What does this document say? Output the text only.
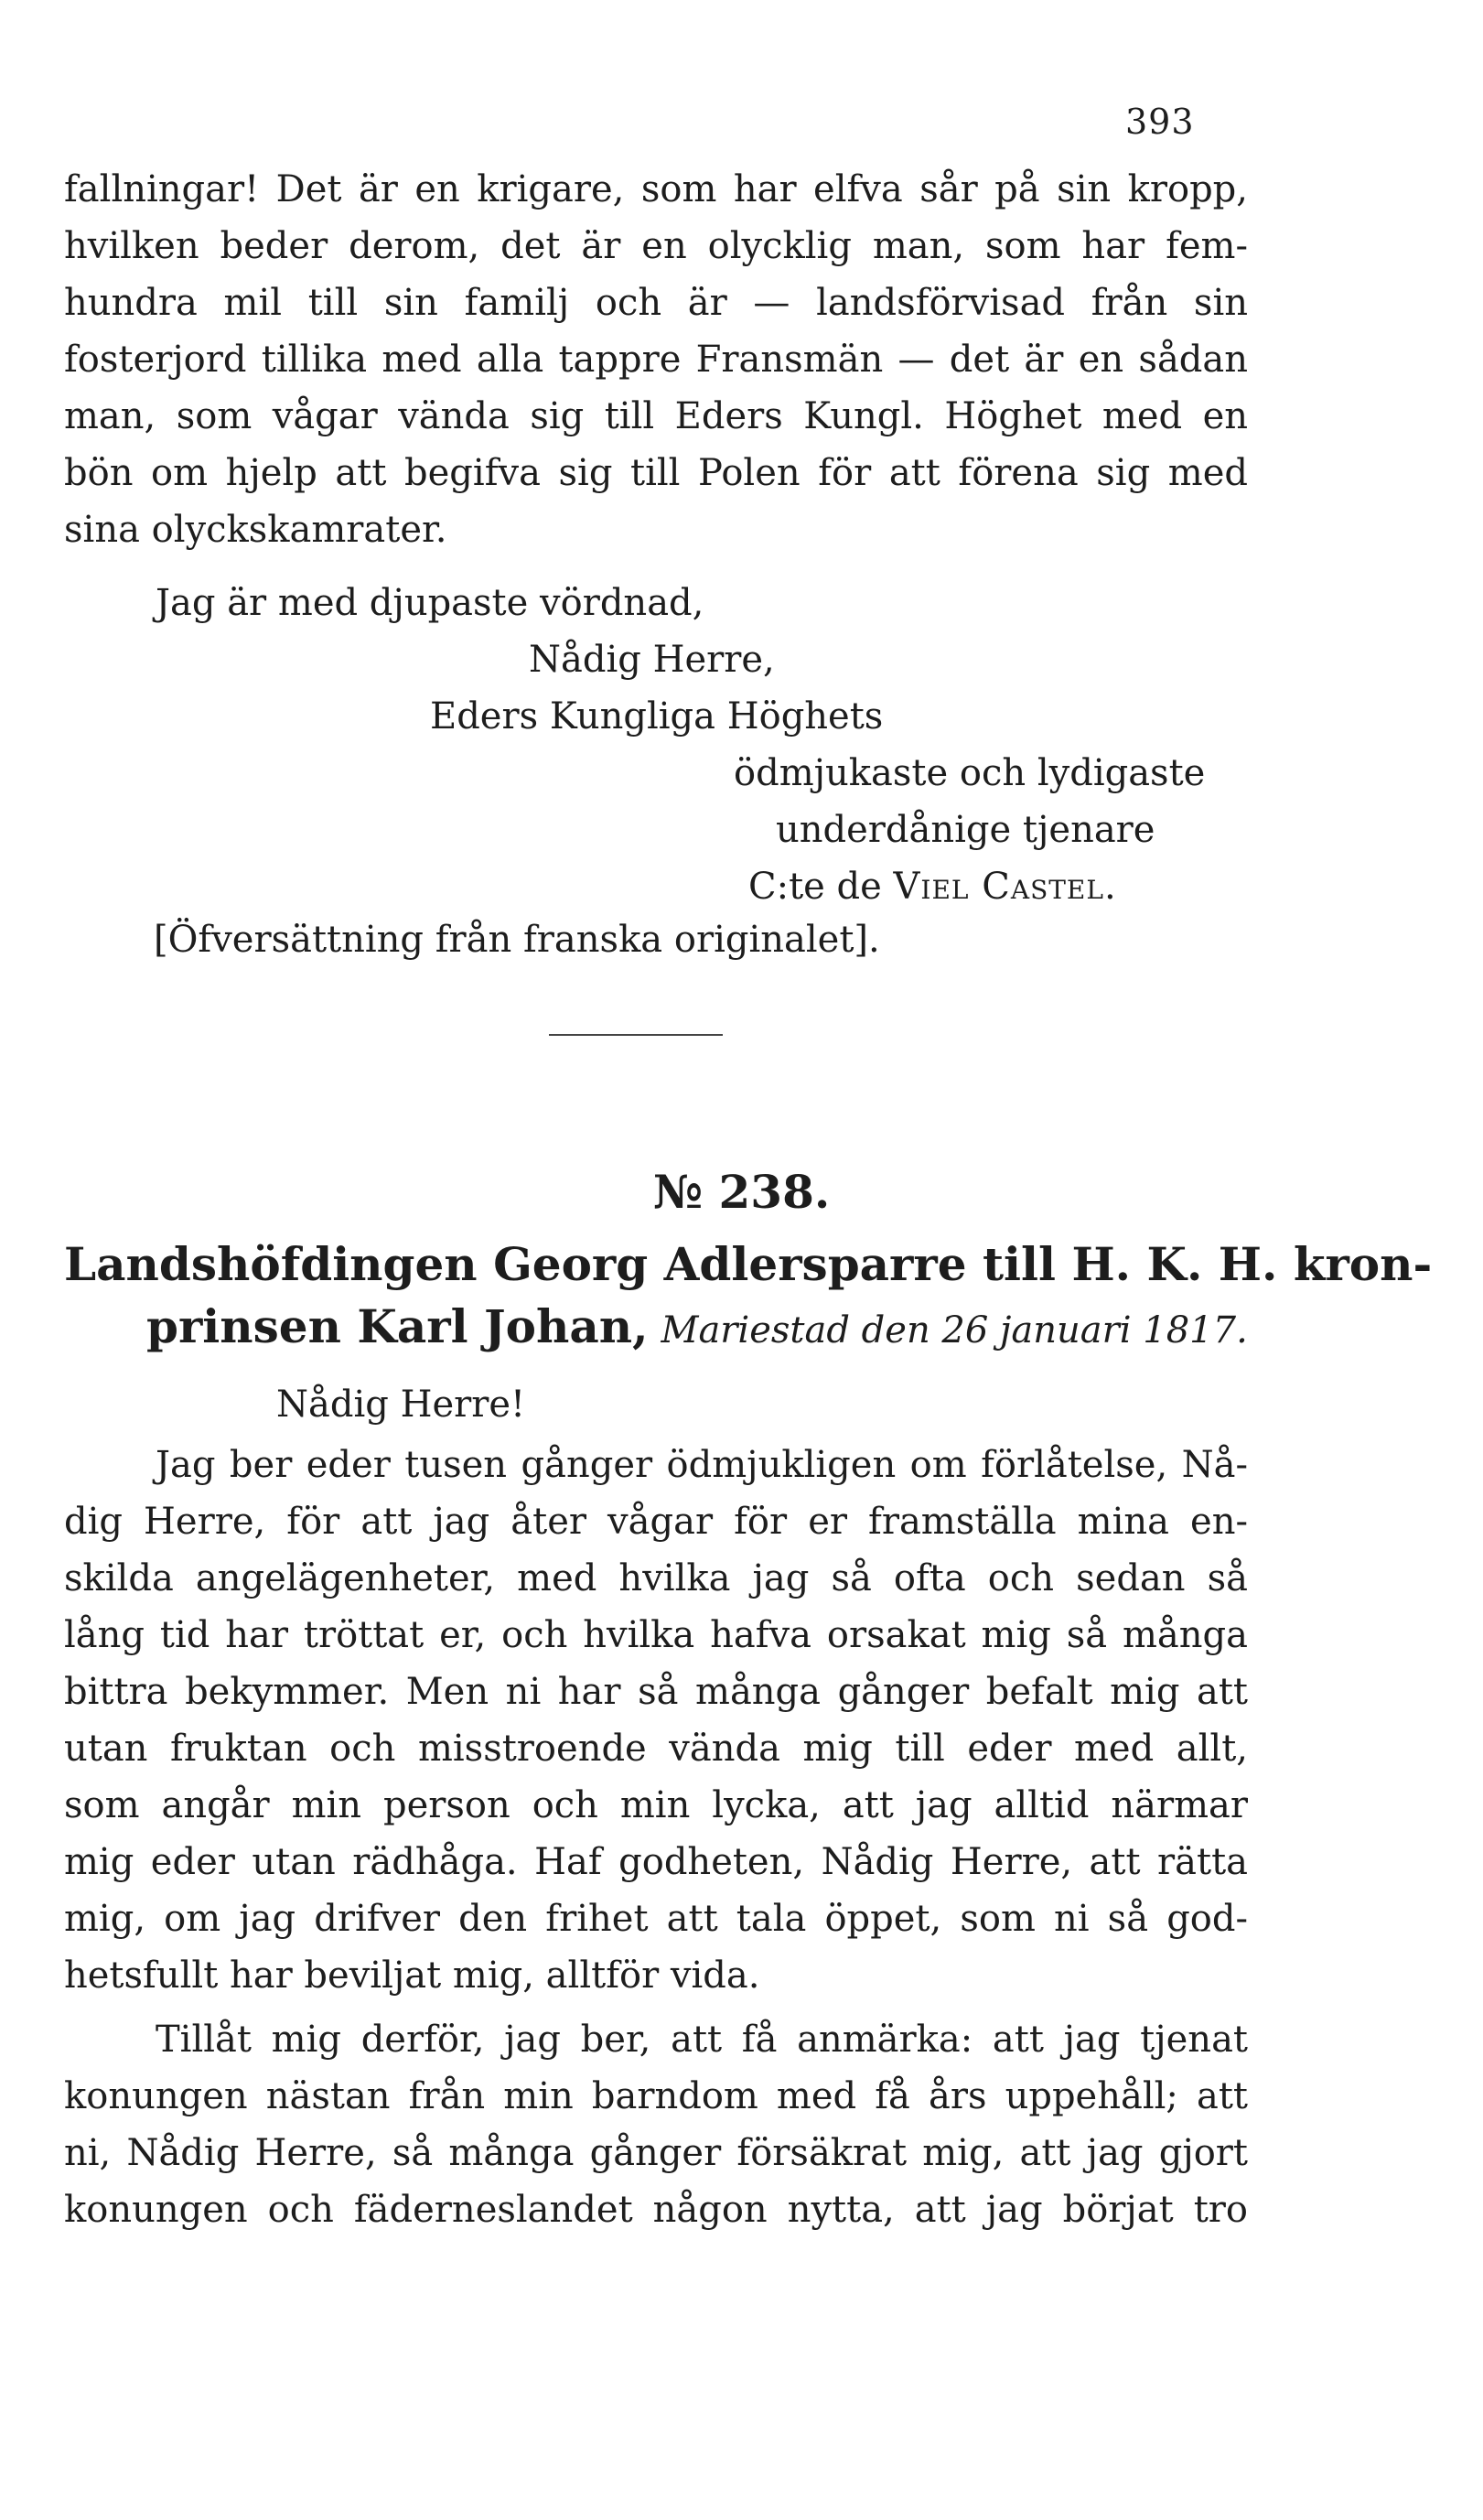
393

fallningar! Det är en krigare, som har elfva sår på sin kropp,

hvilken beder derom, det är en olycklig man, som har fem-

hundra mil till sin familj och är — landsförvisad från sin

fosterjord tillika med alla tappre Fransmän — det är en sådan

man, som vågar vända sig till Eders Kungl. Höghet med en

bön om hjelp att begifva sig till Polen för att förena sig med

sina olyckskamrater.

Jag är med djupaste vördnad,
Nådig Herre,
Eders Kungliga Höghets
ödmjukaste och lydigaste
underdånige tjenare
C:te de Viel Castel.
[Öfversättning från franska originalet].
№ 238.
Landshöfdingen Georg Adlersparre till H. K. H. kron-
prinsen Karl Johan, Mariestad den 26 januari 1817.
Nådig Herre!

Jag ber eder tusen gånger ödmjukligen om förlåtelse, Nå-

dig Herre, för att jag åter vågar för er framställa mina en-

skilda angelägenheter, med hvilka jag så ofta och sedan så

lång tid har tröttat er, och hvilka hafva orsakat mig så många

bittra bekymmer. Men ni har så många gånger befalt mig att

utan fruktan och misstroende vända mig till eder med allt,

som angår min person och min lycka, att jag alltid närmar

mig eder utan rädhåga. Haf godheten, Nådig Herre, att rätta

mig, om jag drifver den frihet att tala öppet, som ni så god-

hetsfullt har beviljat mig, alltför vida.

Tillåt mig derför, jag ber, att få anmärka: att jag tjenat

konungen nästan från min barndom med få års uppehåll; att

ni, Nådig Herre, så många gånger försäkrat mig, att jag gjort

konungen och fäderneslandet någon nytta, att jag börjat tro
